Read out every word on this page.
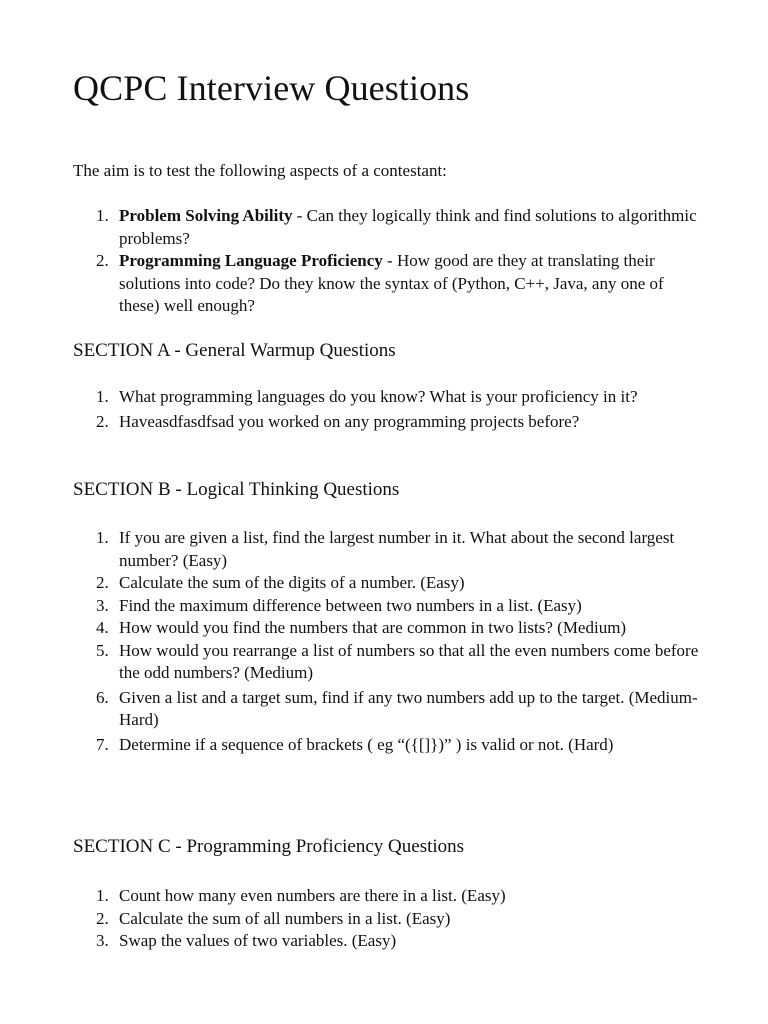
QCPC Interview Questions

The aim is to test the following aspects of a contestant:

1. Problem Solving Ability - Can they logically think and find solutions to algorithmic problems?
2. Programming Language Proficiency - How good are they at translating their solutions into code? Do they know the syntax of (Python, C++, Java, any one of these) well enough?
SECTION A - General Warmup Questions
1. What programming languages do you know? What is your proficiency in it?
2. Haveasdfasdfsad you worked on any programming projects before?
SECTION B - Logical Thinking Questions
1. If you are given a list, find the largest number in it. What about the second largest number? (Easy)
2. Calculate the sum of the digits of a number. (Easy)
3. Find the maximum difference between two numbers in a list. (Easy)
4. How would you find the numbers that are common in two lists? (Medium)
5. How would you rearrange a list of numbers so that all the even numbers come before the odd numbers? (Medium)
6. Given a list and a target sum, find if any two numbers add up to the target. (Medium-Hard)
7. Determine if a sequence of brackets ( eg “({[]})” ) is valid or not. (Hard)
SECTION C - Programming Proficiency Questions
1. Count how many even numbers are there in a list. (Easy)
2. Calculate the sum of all numbers in a list. (Easy)
3. Swap the values of two variables. (Easy)
